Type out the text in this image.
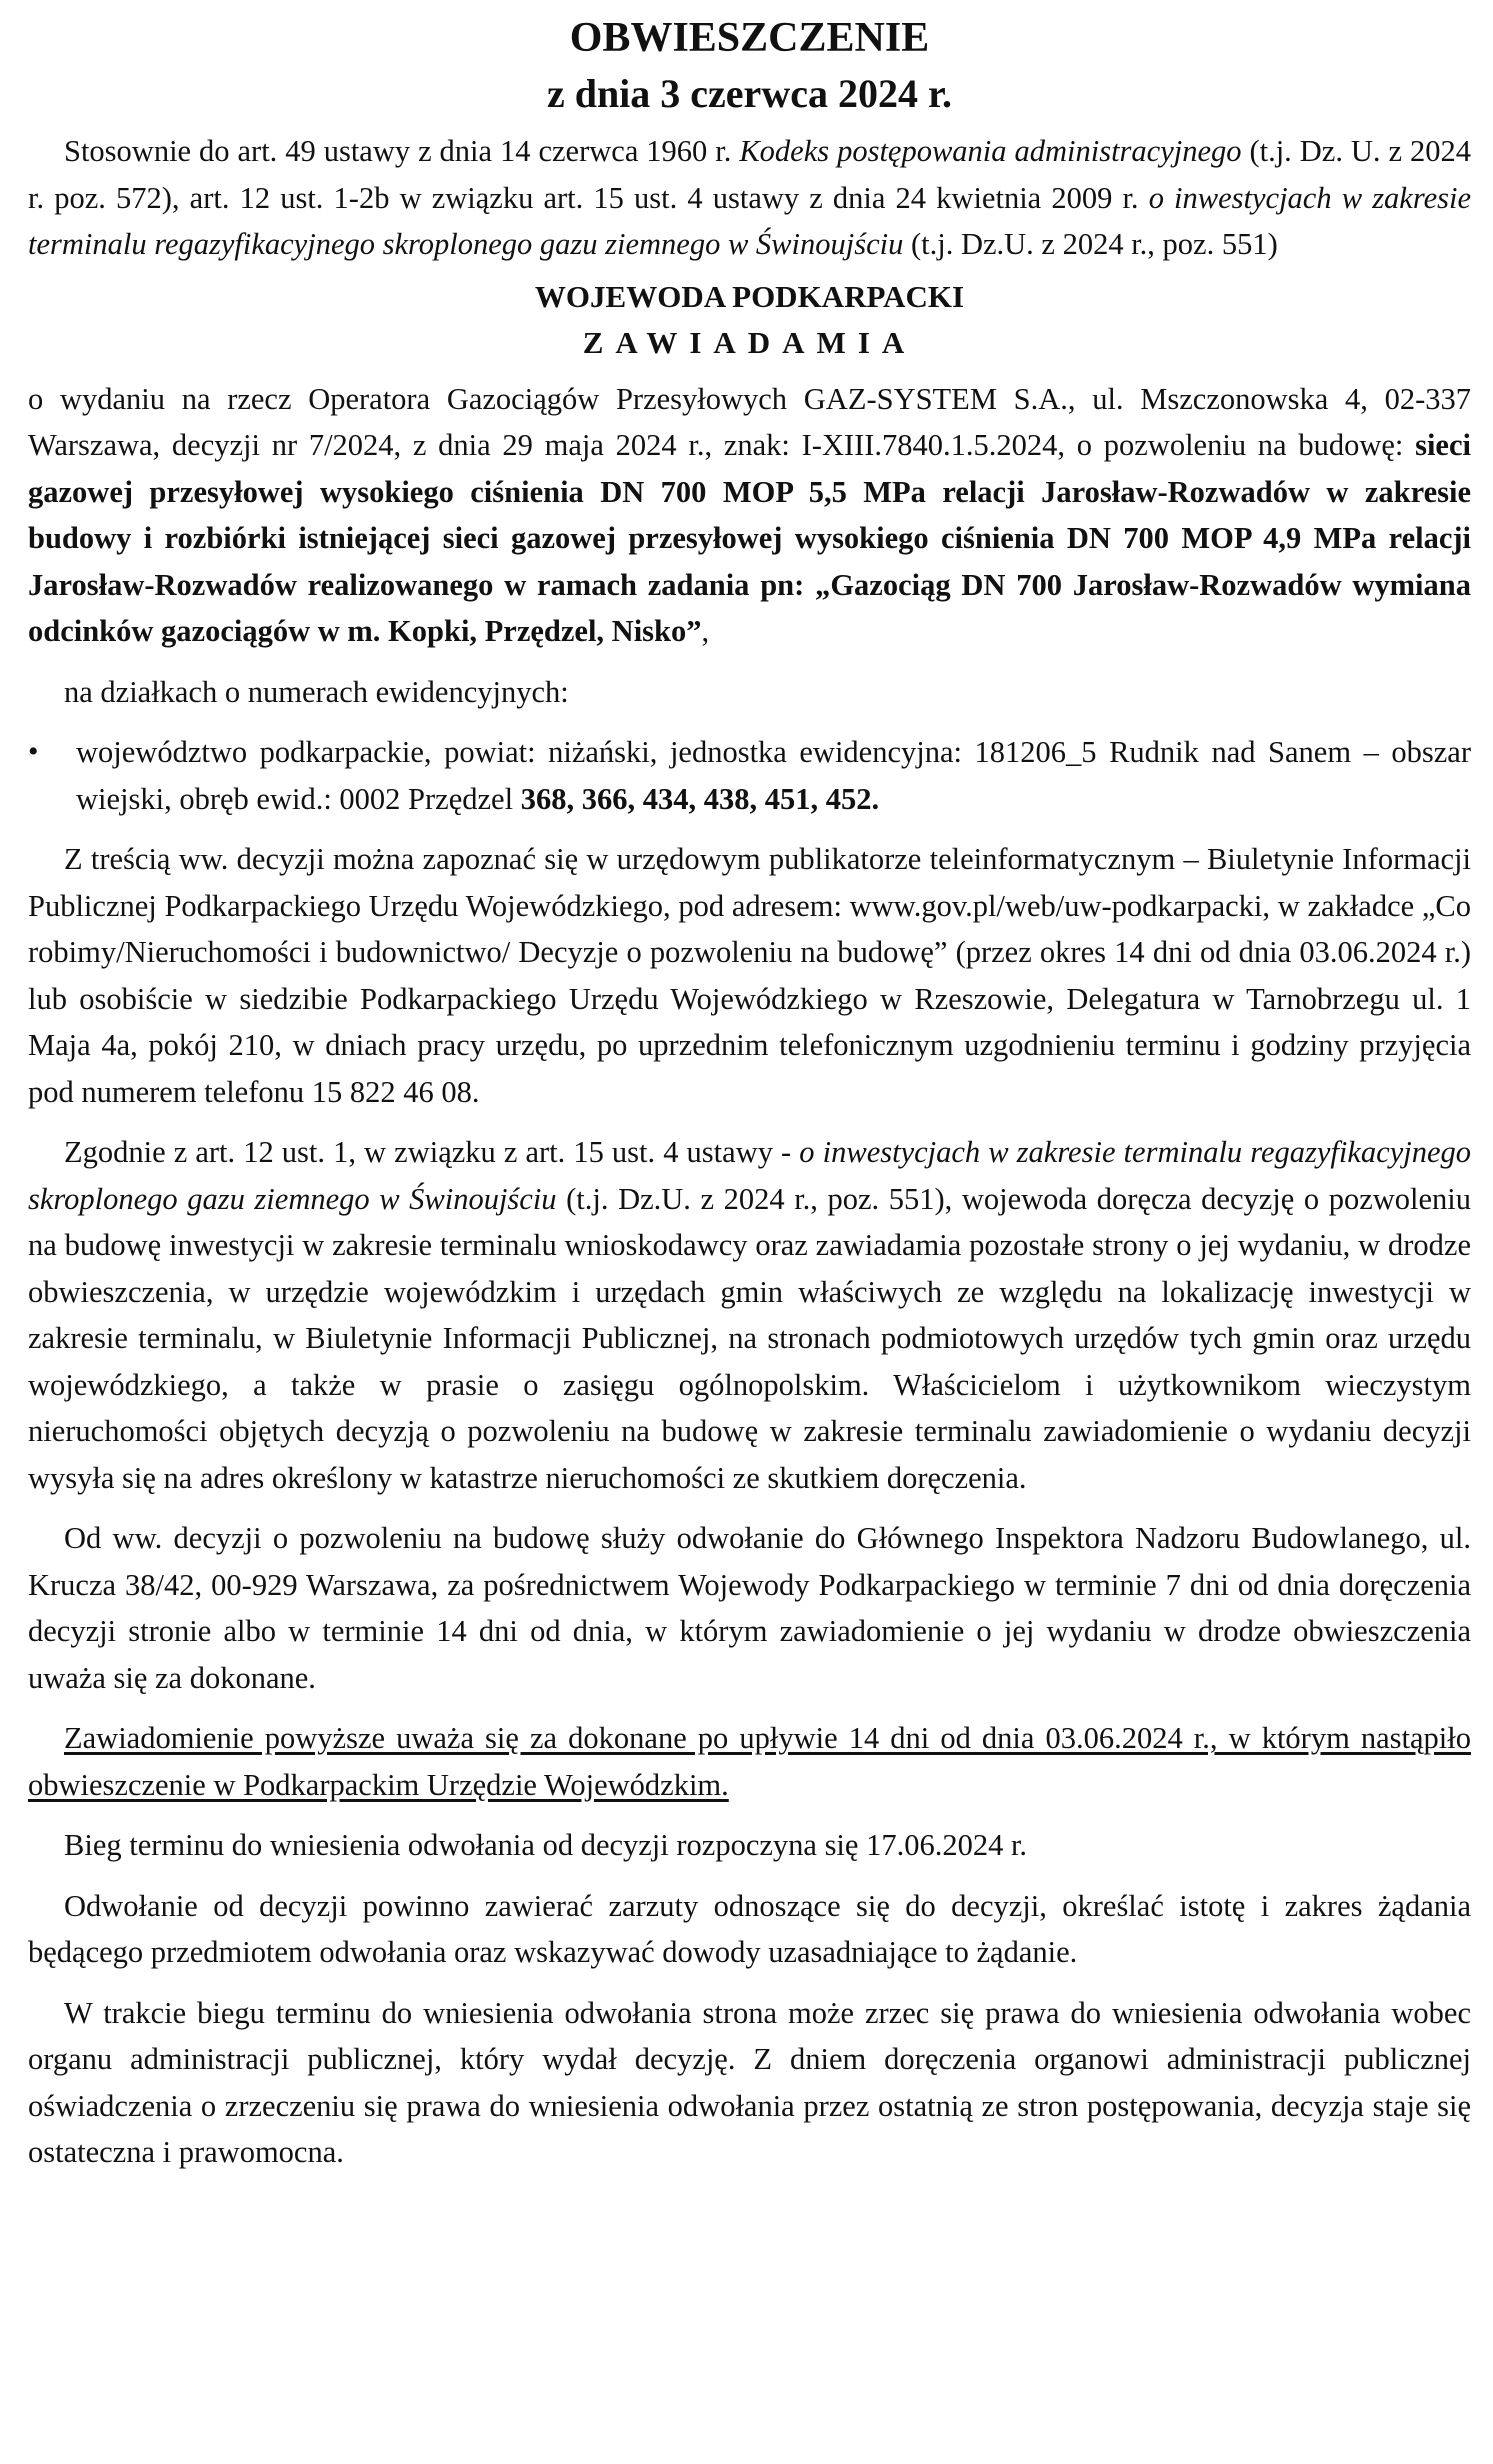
OBWIESZCZENIE
z dnia 3 czerwca 2024 r.

Stosownie do art. 49 ustawy z dnia 14 czerwca 1960 r. Kodeks postępowania administracyjnego (t.j. Dz. U. z 2024 r. poz. 572), art. 12 ust. 1-2b w związku art. 15 ust. 4 ustawy z dnia 24 kwietnia 2009 r. o inwestycjach w zakresie terminalu regazyfikacyjnego skroplonego gazu ziemnego w Świnoujściu (t.j. Dz.U. z 2024 r., poz. 551)

WOJEWODA PODKARPACKI
ZAWIADAMIA

o wydaniu na rzecz Operatora Gazociągów Przesyłowych GAZ-SYSTEM S.A., ul. Mszczonowska 4, 02-337 Warszawa, decyzji nr 7/2024, z dnia 29 maja 2024 r., znak: I-XIII.7840.1.5.2024, o pozwoleniu na budowę: sieci gazowej przesyłowej wysokiego ciśnienia DN 700 MOP 5,5 MPa relacji Jarosław-Rozwadów w zakresie budowy i rozbiórki istniejącej sieci gazowej przesyłowej wysokiego ciśnienia DN 700 MOP 4,9 MPa relacji Jarosław-Rozwadów realizowanego w ramach zadania pn: „Gazociąg DN 700 Jarosław-Rozwadów wymiana odcinków gazociągów w m. Kopki, Przędzel, Nisko”,

na działkach o numerach ewidencyjnych:

•	województwo podkarpackie, powiat: niżański, jednostka ewidencyjna: 181206_5 Rudnik nad Sanem – obszar wiejski, obręb ewid.: 0002 Przędzel 368, 366, 434, 438, 451, 452.

Z treścią ww. decyzji można zapoznać się w urzędowym publikatorze teleinformatycznym – Biuletynie Informacji Publicznej Podkarpackiego Urzędu Wojewódzkiego, pod adresem: www.gov.pl/web/uw-podkarpacki, w zakładce „Co robimy/Nieruchomości i budownictwo/ Decyzje o pozwoleniu na budowę” (przez okres 14 dni od dnia 03.06.2024 r.) lub osobiście w siedzibie Podkarpackiego Urzędu Wojewódzkiego w Rzeszowie, Delegatura w Tarnobrzegu ul. 1 Maja 4a, pokój 210, w dniach pracy urzędu, po uprzednim telefonicznym uzgodnieniu terminu i godziny przyjęcia pod numerem telefonu 15 822 46 08.

Zgodnie z art. 12 ust. 1, w związku z art. 15 ust. 4 ustawy - o inwestycjach w zakresie terminalu regazyfikacyjnego skroplonego gazu ziemnego w Świnoujściu (t.j. Dz.U. z 2024 r., poz. 551), wojewoda doręcza decyzję o pozwoleniu na budowę inwestycji w zakresie terminalu wnioskodawcy oraz zawiadamia pozostałe strony o jej wydaniu, w drodze obwieszczenia, w urzędzie wojewódzkim i urzędach gmin właściwych ze względu na lokalizację inwestycji w zakresie terminalu, w Biuletynie Informacji Publicznej, na stronach podmiotowych urzędów tych gmin oraz urzędu wojewódzkiego, a także w prasie o zasięgu ogólnopolskim. Właścicielom i użytkownikom wieczystym nieruchomości objętych decyzją o pozwoleniu na budowę w zakresie terminalu zawiadomienie o wydaniu decyzji wysyła się na adres określony w katastrze nieruchomości ze skutkiem doręczenia.

Od ww. decyzji o pozwoleniu na budowę służy odwołanie do Głównego Inspektora Nadzoru Budowlanego, ul. Krucza 38/42, 00-929 Warszawa, za pośrednictwem Wojewody Podkarpackiego w terminie 7 dni od dnia doręczenia decyzji stronie albo w terminie 14 dni od dnia, w którym zawiadomienie o jej wydaniu w drodze obwieszczenia uważa się za dokonane.

Zawiadomienie powyższe uważa się za dokonane po upływie 14 dni od dnia 03.06.2024 r., w którym nastąpiło obwieszczenie w Podkarpackim Urzędzie Wojewódzkim.

Bieg terminu do wniesienia odwołania od decyzji rozpoczyna się 17.06.2024 r.

Odwołanie od decyzji powinno zawierać zarzuty odnoszące się do decyzji, określać istotę i zakres żądania będącego przedmiotem odwołania oraz wskazywać dowody uzasadniające to żądanie.

W trakcie biegu terminu do wniesienia odwołania strona może zrzec się prawa do wniesienia odwołania wobec organu administracji publicznej, który wydał decyzję. Z dniem doręczenia organowi administracji publicznej oświadczenia o zrzeczeniu się prawa do wniesienia odwołania przez ostatnią ze stron postępowania, decyzja staje się ostateczna i prawomocna.
